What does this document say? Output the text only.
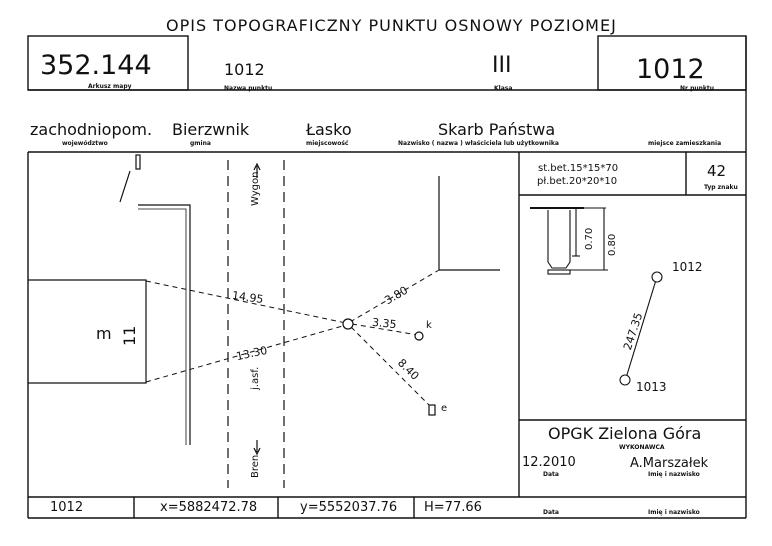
OPIS TOPOGRAFICZNY PUNKTU OSNOWY POZIOMEJ
352.144
Arkusz mapy
1012
Nazwa punktu
III
Klasa
1012
Nr punktu
zachodniopom. Bierzwnik	Łasko	Skarb Państwa
województwo	gmina	miejscowość	Nazwisko ( nazwa ) właściciela lub użytkownika	miejsce zamieszkania
Wygon
Bren
j.asf.
m 11
14.95
13.30
3.80
3.35
8.40
k
e
st.bet.15*15*70
pł.bet.20*20*10
42
Typ znaku
0.70 0.80
1012
1013
247.35
OPGK Zielona Góra
WYKONAWCA
12.2010	A.Marszałek
Data	Imię i nazwisko
Data	Imię i nazwisko
1012	x=5882472.78	y=5552037.76 H=77.66
